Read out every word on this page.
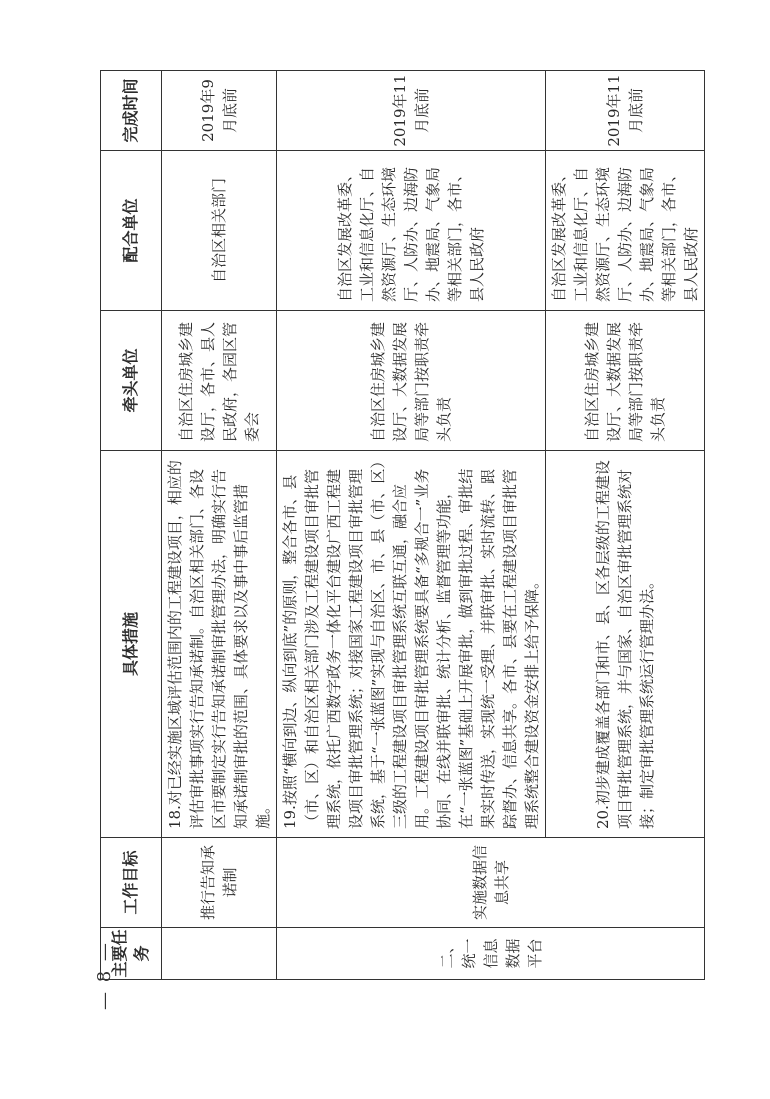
主要任务	工作目标	具体措施	牵头单位	配合单位	完成时间
	推行告知承诺制	18.对已经实施区域评估范围内的工程建设项目，相应的评估审批事项实行告知承诺制。自治区相关部门、各设区市要制定实行告知承诺制审批管理办法，明确实行告知承诺制审批的范围、具体要求以及事中事后监管措施。	自治区住房城乡建设厅，各市、县人民政府，各园区管委会	自治区相关部门	2019年9月底前
二、统一信息数据平台	实施数据信息共享	19.按照“横向到边、纵向到底”的原则，整合各市、县（市、区）和自治区相关部门涉及工程建设项目审批管理系统，依托广西数字政务一体化平台建设广西工程建设项目审批管理系统；对接国家工程建设项目审批管理系统，基于“一张蓝图”实现与自治区、市、县（市、区）三级的工程建设项目审批管理系统互联互通，融合应用。工程建设项目审批管理系统要具备“多规合一”业务协同、在线并联审批、统计分析、监督管理等功能，在“一张蓝图”基础上开展审批，做到审批过程、审批结果实时传送，实现统一受理、并联审批、实时流转、跟踪督办、信息共享。各市、县要在工程建设项目审批管理系统整合建设资金安排上给予保障。	自治区住房城乡建设厅、大数据发展局等部门按职责牵头负责	自治区发展改革委、工业和信息化厅、自然资源厅、生态环境厅、人防办、边海防办、地震局、气象局等相关部门，各市、县人民政府	2019年11月底前
		20.初步建成覆盖各部门和市、县、区各层级的工程建设项目审批管理系统，并与国家、自治区审批管理系统对接；制定审批管理系统运行管理办法。	自治区住房城乡建设厅、大数据发展局等部门按职责牵头负责	自治区发展改革委、工业和信息化厅、自然资源厅、生态环境厅、人防办、边海防办、地震局、气象局等相关部门，各市、县人民政府	2019年11月底前
— 8 —
